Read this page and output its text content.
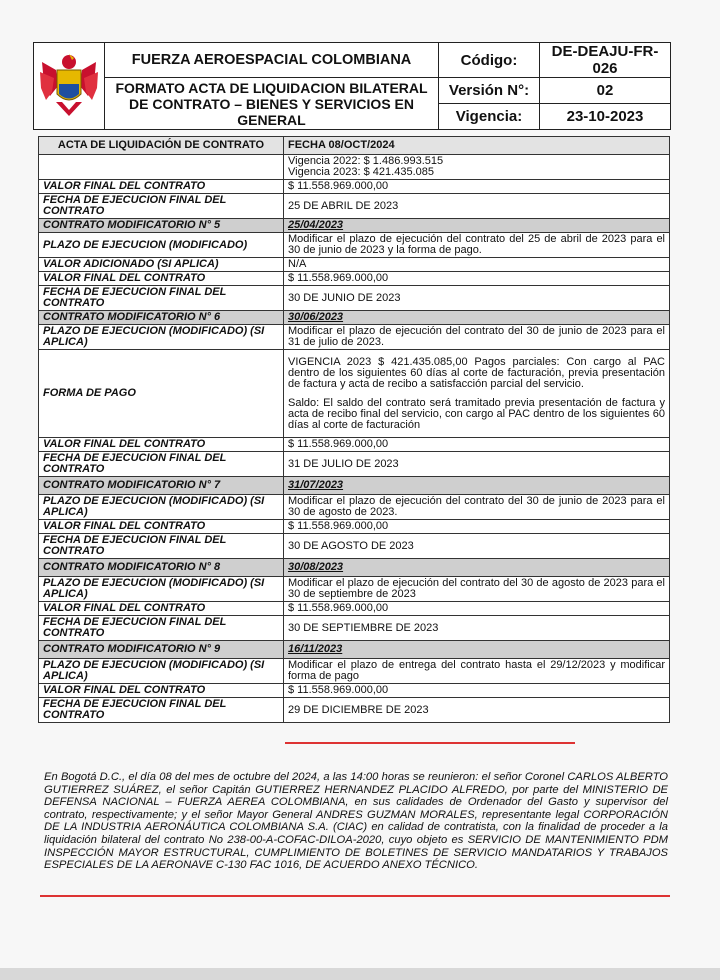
	FUERZA AEROESPACIAL COLOMBIANA	Código:	DE-DEAJU-FR-026
	FORMATO ACTA DE LIQUIDACION BILATERAL DE CONTRATO – BIENES Y SERVICIOS EN GENERAL	Versión N°:	02
		Vigencia:	23-10-2023
ACTA DE LIQUIDACIÓN DE CONTRATO	FECHA 08/OCT/2024

	Vigencia 2022: $ 1.486.993.515
Vigencia 2023: $ 421.435.085

VALOR FINAL DEL CONTRATO	$ 11.558.969.000,00
FECHA DE EJECUCION FINAL DEL CONTRATO	25 DE ABRIL DE 2023
CONTRATO MODIFICATORIO N° 5	25/04/2023
PLAZO DE EJECUCION (MODIFICADO)	Modificar el plazo de ejecución del contrato del 25 de abril de 2023 para el 30 de junio de 2023 y la forma de pago.
VALOR ADICIONADO (SI APLICA)	N/A
VALOR FINAL DEL CONTRATO	$ 11.558.969.000,00
FECHA DE EJECUCION FINAL DEL CONTRATO	30 DE JUNIO DE 2023
CONTRATO MODIFICATORIO N° 6	30/06/2023
PLAZO DE EJECUCION (MODIFICADO) (SI APLICA)	Modificar el plazo de ejecución del contrato del 30 de junio de 2023 para el 31 de julio de 2023.
FORMA DE PAGO	VIGENCIA 2023 $ 421.435.085,00 Pagos parciales: Con cargo al PAC dentro de los siguientes 60 días al corte de facturación, previa presentación de factura y acta de recibo a satisfacción parcial del servicio.
Saldo: El saldo del contrato será tramitado previa presentación de factura y acta de recibo final del servicio, con cargo al PAC dentro de los siguientes 60 días al corte de facturación

VALOR FINAL DEL CONTRATO	$ 11.558.969.000,00
FECHA DE EJECUCION FINAL DEL CONTRATO	31 DE JULIO DE 2023
CONTRATO MODIFICATORIO N° 7	31/07/2023
PLAZO DE EJECUCION (MODIFICADO) (SI APLICA)	Modificar el plazo de ejecución del contrato del 30 de junio de 2023 para el 30 de agosto de 2023.
VALOR FINAL DEL CONTRATO	$ 11.558.969.000,00
FECHA DE EJECUCION FINAL DEL CONTRATO	30 DE AGOSTO DE 2023
CONTRATO MODIFICATORIO N° 8	30/08/2023
PLAZO DE EJECUCION (MODIFICADO) (SI APLICA)	Modificar el plazo de ejecución del contrato del 30 de agosto de 2023 para el 30 de septiembre de 2023
VALOR FINAL DEL CONTRATO	$ 11.558.969.000,00
FECHA DE EJECUCION FINAL DEL CONTRATO	30 DE SEPTIEMBRE DE 2023
CONTRATO MODIFICATORIO N° 9	16/11/2023
PLAZO DE EJECUCION (MODIFICADO) (SI APLICA)	Modificar el plazo de entrega del contrato hasta el 29/12/2023 y modificar forma de pago
VALOR FINAL DEL CONTRATO	$ 11.558.969.000,00
FECHA DE EJECUCION FINAL DEL CONTRATO	29 DE DICIEMBRE DE 2023
En Bogotá D.C., el día 08 del mes de octubre del 2024, a las 14:00 horas se reunieron: el señor Coronel CARLOS ALBERTO GUTIERREZ SUÁREZ, el señor Capitán GUTIERREZ HERNANDEZ PLACIDO ALFREDO, por parte del MINISTERIO DE DEFENSA NACIONAL – FUERZA AEREA COLOMBIANA, en sus calidades de Ordenador del Gasto y supervisor del contrato, respectivamente; y el señor Mayor General ANDRES GUZMAN MORALES, representante legal CORPORACIÓN DE LA INDUSTRIA AERONÁUTICA COLOMBIANA S.A. (CIAC) en calidad de contratista, con la finalidad de proceder a la liquidación bilateral del contrato No 238-00-A-COFAC-DILOA-2020, cuyo objeto es SERVICIO DE MANTENIMIENTO PDM INSPECCIÓN MAYOR ESTRUCTURAL, CUMPLIMIENTO DE BOLETINES DE SERVICIO MANDATARIOS Y TRABAJOS ESPECIALES DE LA AERONAVE C-130 FAC 1016, DE ACUERDO ANEXO TÉCNICO.
